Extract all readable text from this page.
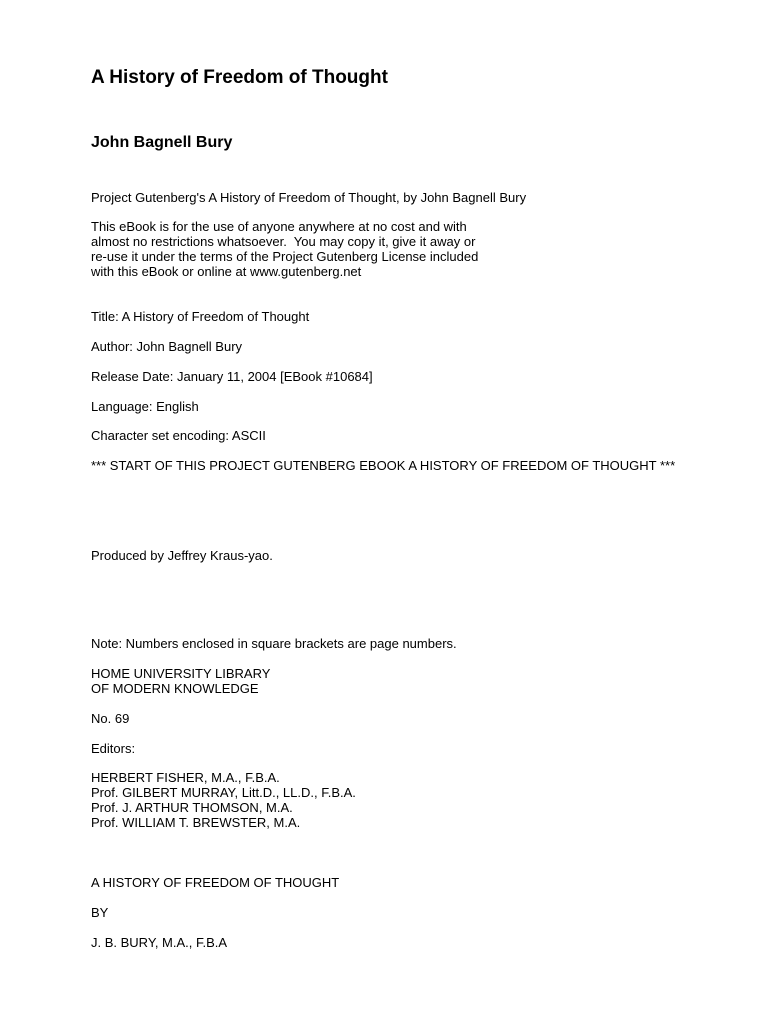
A History of Freedom of Thought
John Bagnell Bury

Project Gutenberg's A History of Freedom of Thought, by John Bagnell Bury

This eBook is for the use of anyone anywhere at no cost and with
almost no restrictions whatsoever.  You may copy it, give it away or
re-use it under the terms of the Project Gutenberg License included
with this eBook or online at www.gutenberg.net

Title: A History of Freedom of Thought

Author: John Bagnell Bury

Release Date: January 11, 2004 [EBook #10684]

Language: English

Character set encoding: ASCII

*** START OF THIS PROJECT GUTENBERG EBOOK A HISTORY OF FREEDOM OF THOUGHT ***

Produced by Jeffrey Kraus-yao.

Note: Numbers enclosed in square brackets are page numbers.

HOME UNIVERSITY LIBRARY
OF MODERN KNOWLEDGE

No. 69

Editors:

HERBERT FISHER, M.A., F.B.A.
Prof. GILBERT MURRAY, Litt.D., LL.D., F.B.A.
Prof. J. ARTHUR THOMSON, M.A.
Prof. WILLIAM T. BREWSTER, M.A.

A HISTORY OF FREEDOM OF THOUGHT

BY

J. B. BURY, M.A., F.B.A
